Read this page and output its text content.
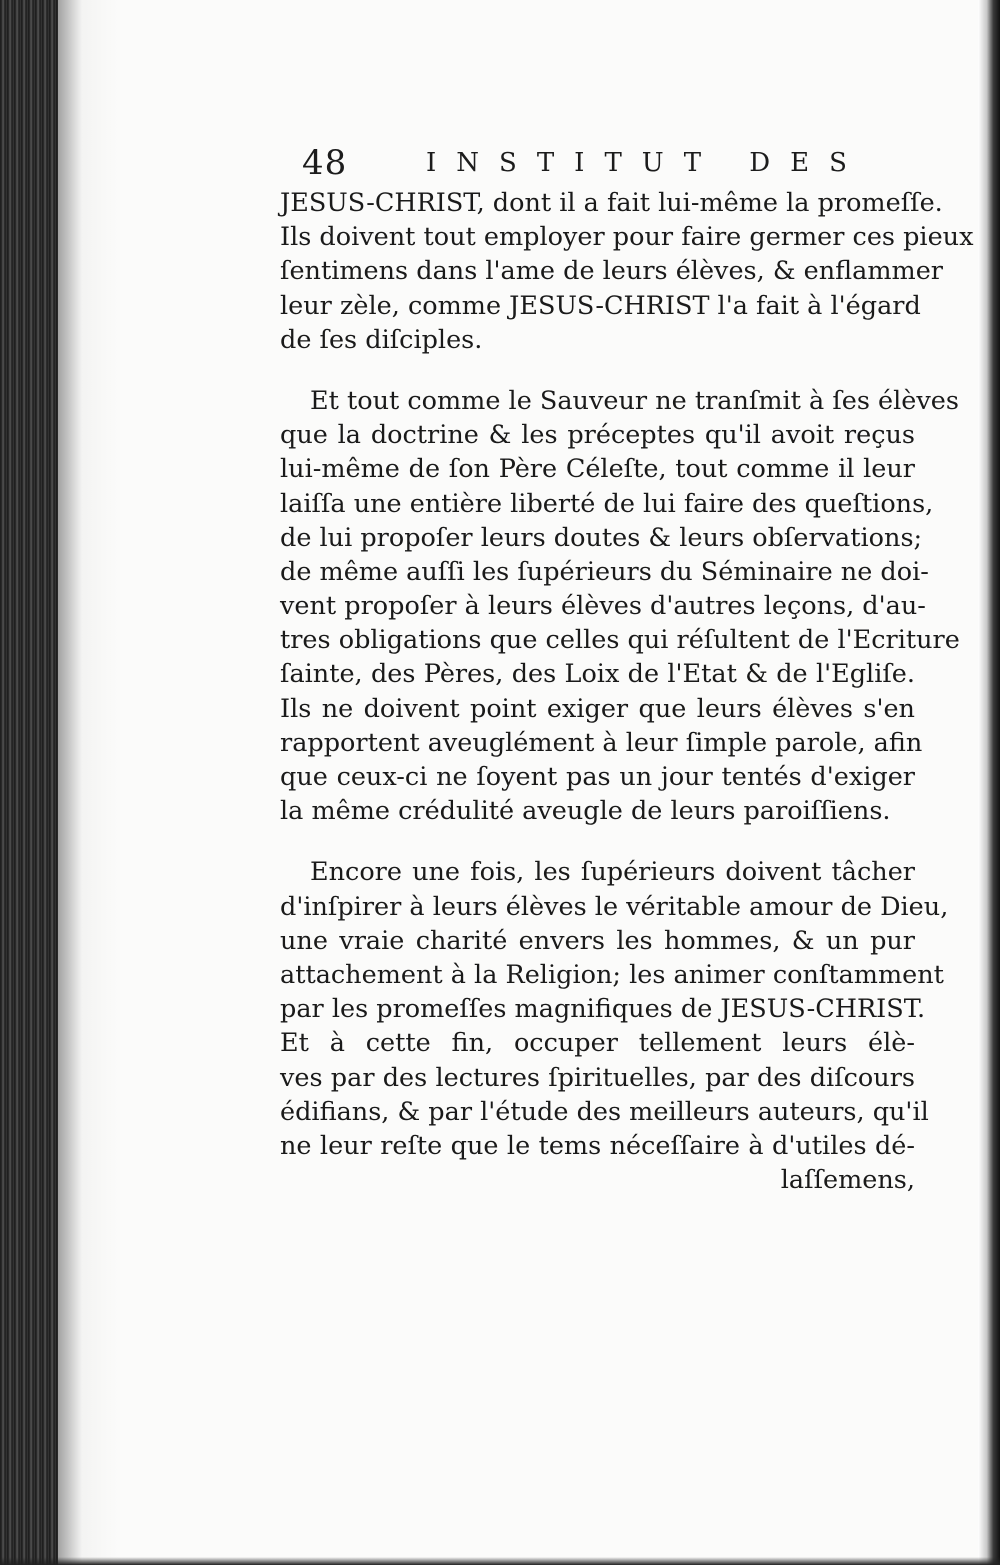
48	INSTITUT DES
JESUS-CHRIST, dont il a fait lui-même la promeſſe.
Ils doivent tout employer pour faire germer ces pieux
ſentimens dans l'ame de leurs élèves, & enflammer
leur zèle, comme JESUS-CHRIST l'a fait à l'égard
de ſes diſciples.
Et tout comme le Sauveur ne tranſmit à ſes élèves
que la doctrine & les préceptes qu'il avoit reçus
lui-même de ſon Père Céleſte, tout comme il leur
laiſſa une entière liberté de lui faire des queſtions,
de lui propoſer leurs doutes & leurs obſervations;
de même auſſi les ſupérieurs du Séminaire ne doi-
vent propoſer à leurs élèves d'autres leçons, d'au-
tres obligations que celles qui réſultent de l'Ecriture
ſainte, des Pères, des Loix de l'Etat & de l'Egliſe.
Ils ne doivent point exiger que leurs élèves s'en
rapportent aveuglément à leur ſimple parole, afin
que ceux-ci ne ſoyent pas un jour tentés d'exiger
la même crédulité aveugle de leurs paroiſſiens.
Encore une fois, les ſupérieurs doivent tâcher
d'inſpirer à leurs élèves le véritable amour de Dieu,
une vraie charité envers les hommes, & un pur
attachement à la Religion; les animer conſtamment
par les promeſſes magnifiques de JESUS-CHRIST.
Et à cette fin, occuper tellement leurs élè-
ves par des lectures ſpirituelles, par des diſcours
édifians, & par l'étude des meilleurs auteurs, qu'il
ne leur reſte que le tems néceſſaire à d'utiles dé-
laſſemens,
